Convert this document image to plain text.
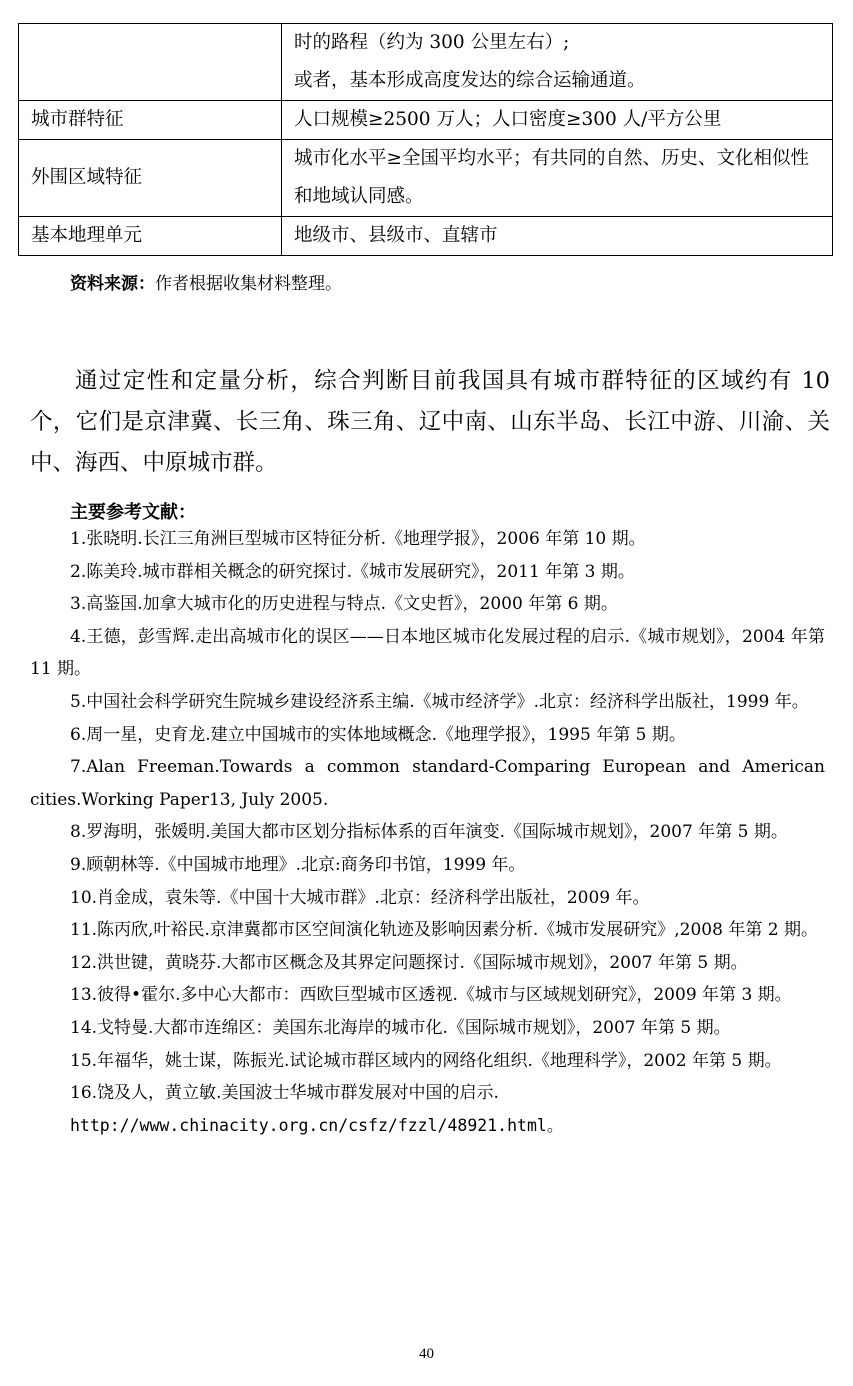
	时的路程（约为 300 公里左右）;
或者，基本形成高度发达的综合运输通道。

城市群特征	人口规模≥2500 万人；人口密度≥300 人/平方公里

外围区域特征	城市化水平≥全国平均水平；有共同的自然、历史、文化相似性和地域认同感。

基本地理单元	地级市、县级市、直辖市
资料来源：作者根据收集材料整理。

通过定性和定量分析，综合判断目前我国具有城市群特征的区域约有 10 个，它们是京津冀、长三角、珠三角、辽中南、山东半岛、长江中游、川渝、关中、海西、中原城市群。

主要参考文献：

1.张晓明.长江三角洲巨型城市区特征分析.《地理学报》，2006 年第 10 期。

2.陈美玲.城市群相关概念的研究探讨.《城市发展研究》，2011 年第 3 期。

3.高鉴国.加拿大城市化的历史进程与特点.《文史哲》，2000 年第 6 期。

4.王德，彭雪辉.走出高城市化的误区——日本地区城市化发展过程的启示.《城市规划》，2004 年第 11 期。

5.中国社会科学研究生院城乡建设经济系主编.《城市经济学》.北京：经济科学出版社，1999 年。

6.周一星，史育龙.建立中国城市的实体地域概念.《地理学报》，1995 年第 5 期。

7.Alan Freeman.Towards a common standard-Comparing European and American cities.Working Paper13, July 2005.

8.罗海明，张媛明.美国大都市区划分指标体系的百年演变.《国际城市规划》，2007 年第 5 期。

9.顾朝林等.《中国城市地理》.北京:商务印书馆，1999 年。

10.肖金成，袁朱等.《中国十大城市群》.北京：经济科学出版社，2009 年。

11.陈丙欣,叶裕民.京津冀都市区空间演化轨迹及影响因素分析.《城市发展研究》,2008 年第 2 期。

12.洪世键，黄晓芬.大都市区概念及其界定问题探讨.《国际城市规划》，2007 年第 5 期。

13.彼得•霍尔.多中心大都市：西欧巨型城市区透视.《城市与区域规划研究》，2009 年第 3 期。

14.戈特曼.大都市连绵区：美国东北海岸的城市化.《国际城市规划》，2007 年第 5 期。

15.年福华，姚士谋，陈振光.试论城市群区域内的网络化组织.《地理科学》，2002 年第 5 期。

16.饶及人，黄立敏.美国波士华城市群发展对中国的启示.

http://www.chinacity.org.cn/csfz/fzzl/48921.html。

40
